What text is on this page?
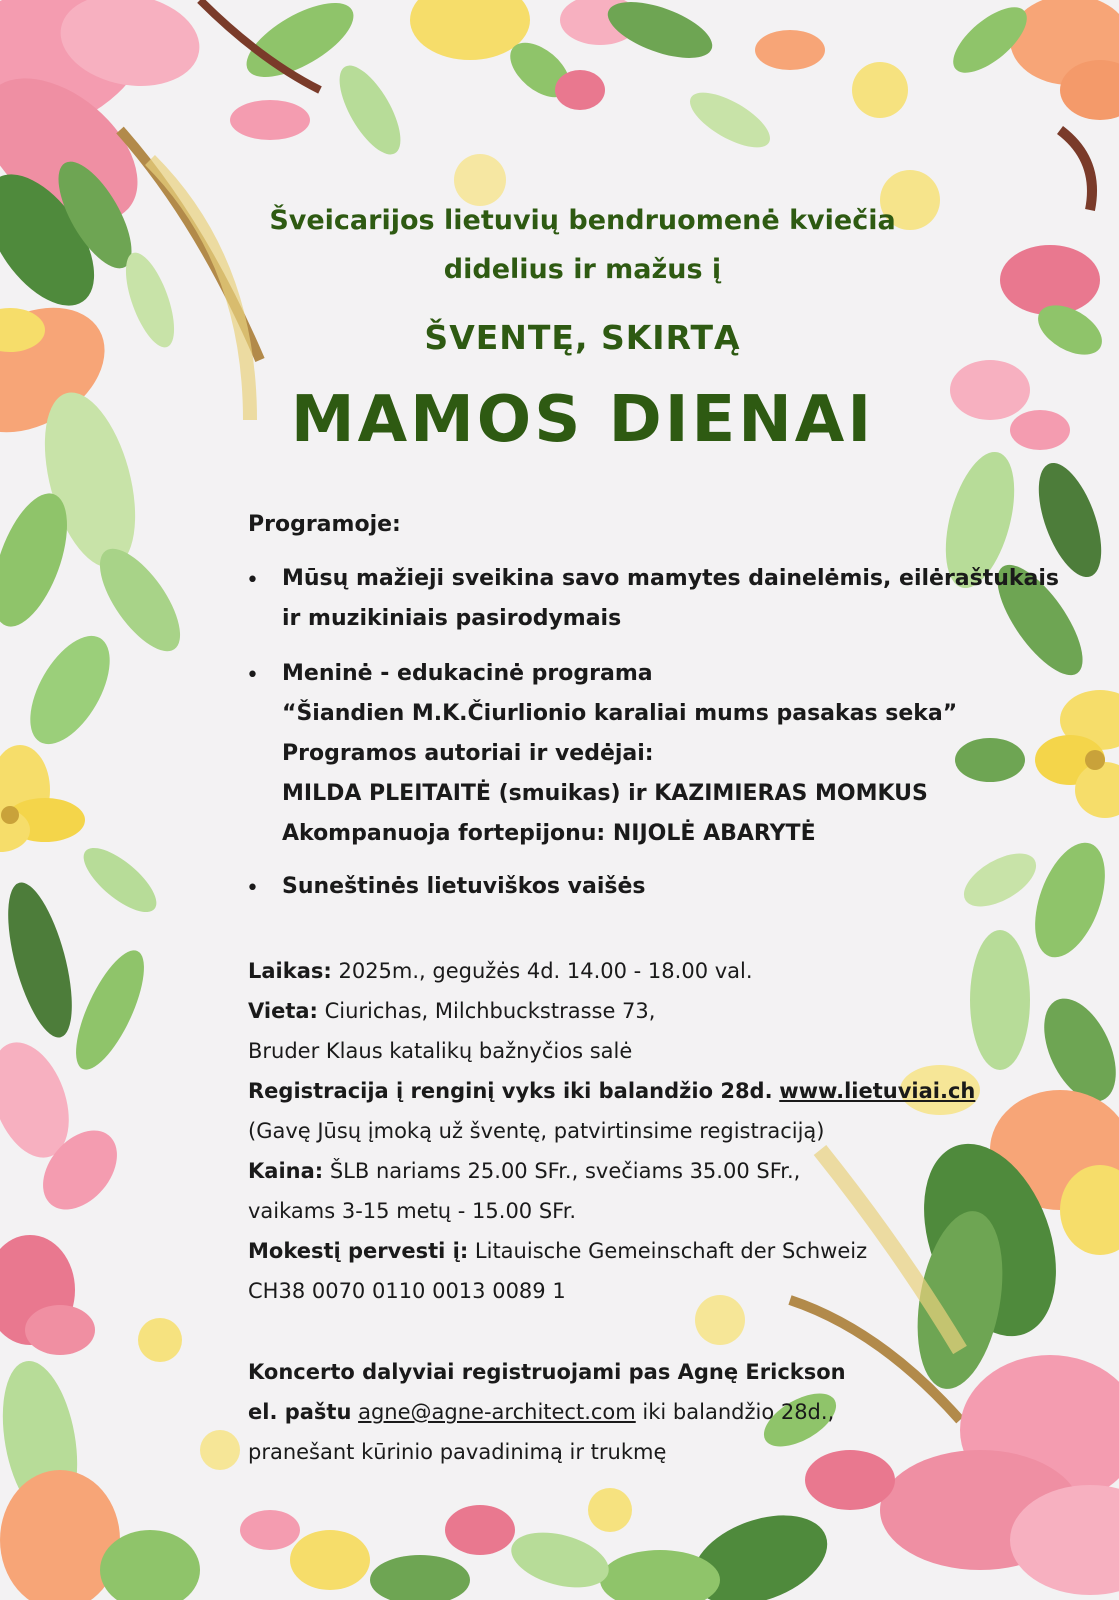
Šveicarijos lietuvių bendruomenė kviečia
didelius ir mažus į
ŠVENTĘ, SKIRTĄ
MAMOS DIENAI
Programoje:
• Mūsų mažieji sveikina savo mamytes dainelėmis, eilėraštukais
ir muzikiniais pasirodymais
• Meninė - edukacinė programa
“Šiandien M.K.Čiurlionio karaliai mums pasakas seka”
Programos autoriai ir vedėjai:
MILDA PLEITAITĖ (smuikas) ir KAZIMIERAS MOMKUS
Akompanuoja fortepijonu: NIJOLĖ ABARYTĖ
• Suneštinės lietuviškos vaišės
Laikas: 2025m., gegužės 4d. 14.00 - 18.00 val.
Vieta: Ciurichas, Milchbuckstrasse 73,
Bruder Klaus katalikų bažnyčios salė
Registracija į renginį vyks iki balandžio 28d. www.lietuviai.ch
(Gavę Jūsų įmoką už šventę, patvirtinsime registraciją)
Kaina: ŠLB nariams 25.00 SFr., svečiams 35.00 SFr.,
vaikams 3-15 metų - 15.00 SFr.
Mokestį pervesti į: Litauische Gemeinschaft der Schweiz
CH38 0070 0110 0013 0089 1
Koncerto dalyviai registruojami pas Agnę Erickson
el. paštu agne@agne-architect.com iki balandžio 28d.,
pranešant kūrinio pavadinimą ir trukmę
